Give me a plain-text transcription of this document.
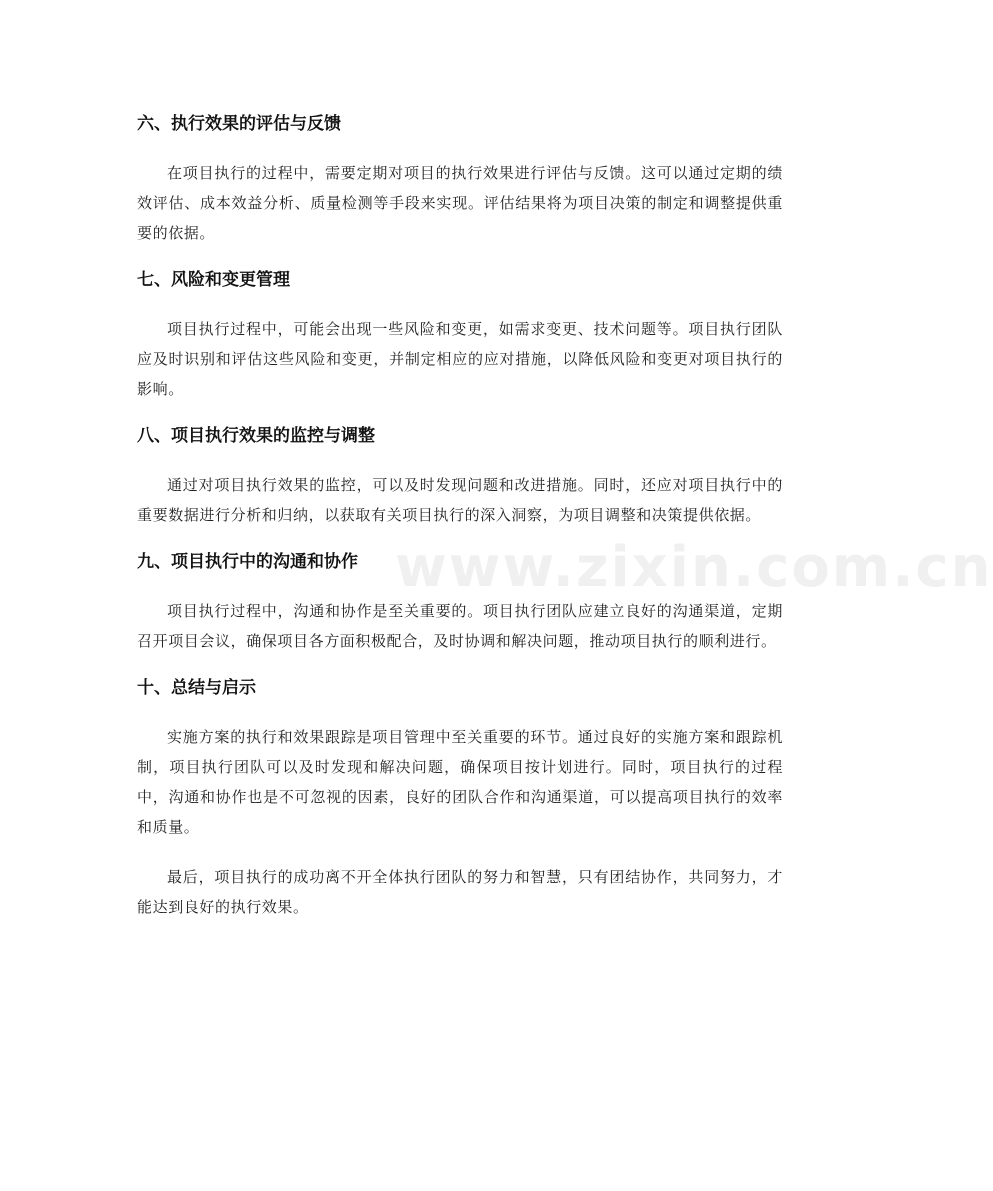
六、执行效果的评估与反馈

在项目执行的过程中，需要定期对项目的执行效果进行评估与反馈。这可以通过定期的绩效评估、成本效益分析、质量检测等手段来实现。评估结果将为项目决策的制定和调整提供重要的依据。

七、风险和变更管理

项目执行过程中，可能会出现一些风险和变更，如需求变更、技术问题等。项目执行团队应及时识别和评估这些风险和变更，并制定相应的应对措施，以降低风险和变更对项目执行的影响。

八、项目执行效果的监控与调整

通过对项目执行效果的监控，可以及时发现问题和改进措施。同时，还应对项目执行中的重要数据进行分析和归纳，以获取有关项目执行的深入洞察，为项目调整和决策提供依据。

九、项目执行中的沟通和协作

项目执行过程中，沟通和协作是至关重要的。项目执行团队应建立良好的沟通渠道，定期召开项目会议，确保项目各方面积极配合，及时协调和解决问题，推动项目执行的顺利进行。

十、总结与启示

实施方案的执行和效果跟踪是项目管理中至关重要的环节。通过良好的实施方案和跟踪机制，项目执行团队可以及时发现和解决问题，确保项目按计划进行。同时，项目执行的过程中，沟通和协作也是不可忽视的因素，良好的团队合作和沟通渠道，可以提高项目执行的效率和质量。

最后，项目执行的成功离不开全体执行团队的努力和智慧，只有团结协作，共同努力，才能达到良好的执行效果。

www.zixin.com.cn
